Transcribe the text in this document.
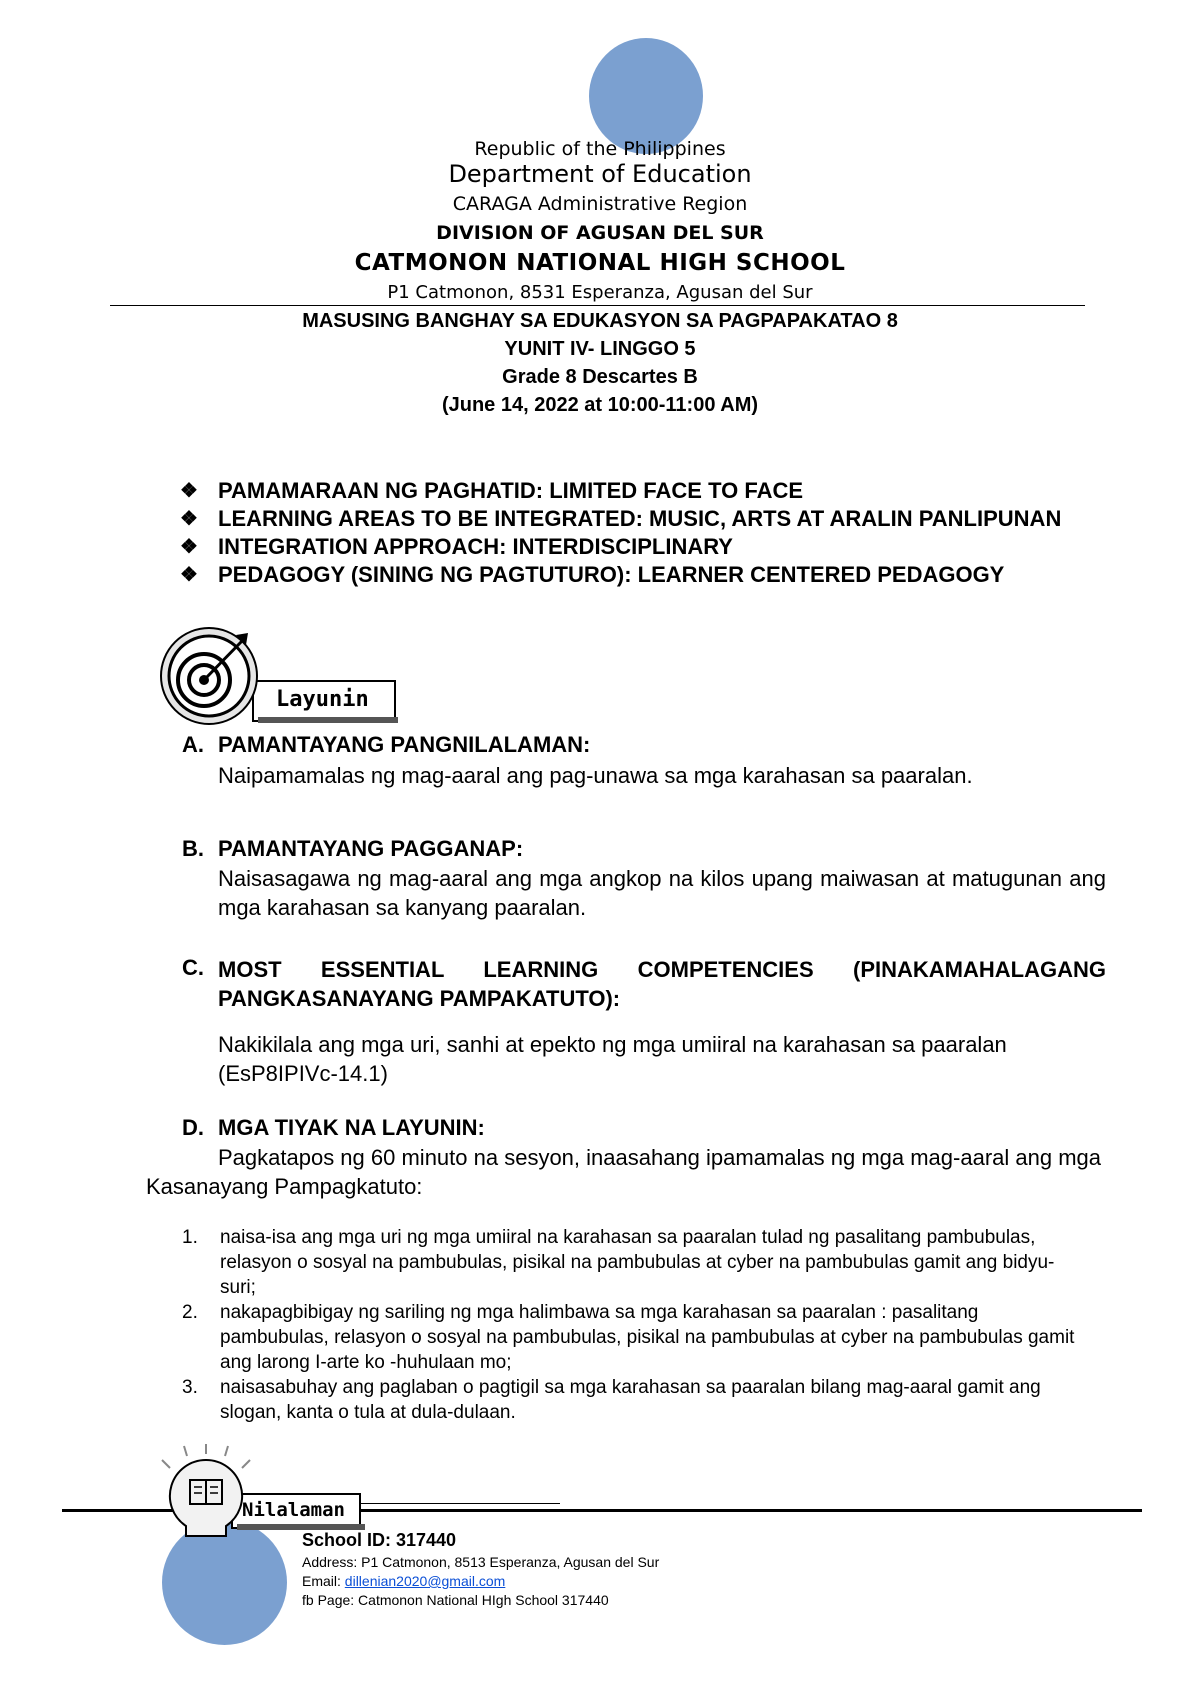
Republic of the Philippines
Department of Education
CARAGA Administrative Region
DIVISION OF AGUSAN DEL SUR
CATMONON NATIONAL HIGH SCHOOL
P1 Catmonon, 8531 Esperanza, Agusan del Sur
MASUSING BANGHAY SA EDUKASYON SA PAGPAPAKATAO 8
YUNIT IV- LINGGO 5
Grade 8 Descartes B
(June 14, 2022 at 10:00-11:00 AM)
❖ PAMAMARAAN NG PAGHATID: LIMITED FACE TO FACE
❖ LEARNING AREAS TO BE INTEGRATED: MUSIC, ARTS AT ARALIN PANLIPUNAN
❖ INTEGRATION APPROACH: INTERDISCIPLINARY
❖ PEDAGOGY (SINING NG PAGTUTURO): LEARNER CENTERED PEDAGOGY
Layunin
A. PAMANTAYANG PANGNILALAMAN:
Naipamamalas ng mag-aaral ang pag-unawa sa mga karahasan sa paaralan.
B. PAMANTAYANG PAGGANAP:
Naisasagawa ng mag-aaral ang mga angkop na kilos upang maiwasan at matugunan ang mga karahasan sa kanyang paaralan.
C. MOST ESSENTIAL LEARNING COMPETENCIES (PINAKAMAHALAGANG PANGKASANAYANG PAMPAKATUTO):
Nakikilala ang mga uri, sanhi at epekto ng mga umiiral na karahasan sa paaralan (EsP8IPIVc-14.1)
D. MGA TIYAK NA LAYUNIN:
Pagkatapos ng 60 minuto na sesyon, inaasahang ipamamalas ng mga mag-aaral ang mga Kasanayang Pampagkatuto:
1.	naisa-isa ang mga uri ng mga umiiral na karahasan sa paaralan tulad ng pasalitang pambubulas, relasyon o sosyal na pambubulas, pisikal na pambubulas at cyber na pambubulas gamit ang bidyu-suri;
2.	nakapagbibigay ng sariling ng mga halimbawa sa mga karahasan sa paaralan : pasalitang pambubulas, relasyon o sosyal na pambubulas, pisikal na pambubulas at cyber na pambubulas gamit ang larong I-arte ko -huhulaan mo;
3.	naisasabuhay ang paglaban o pagtigil sa mga karahasan sa paaralan bilang mag-aaral gamit ang slogan, kanta o tula at dula-dulaan.
Nilalaman
School ID: 317440
Address: P1 Catmonon, 8513 Esperanza, Agusan del Sur
Email: dillenian2020@gmail.com
fb Page: Catmonon National HIgh School 317440
